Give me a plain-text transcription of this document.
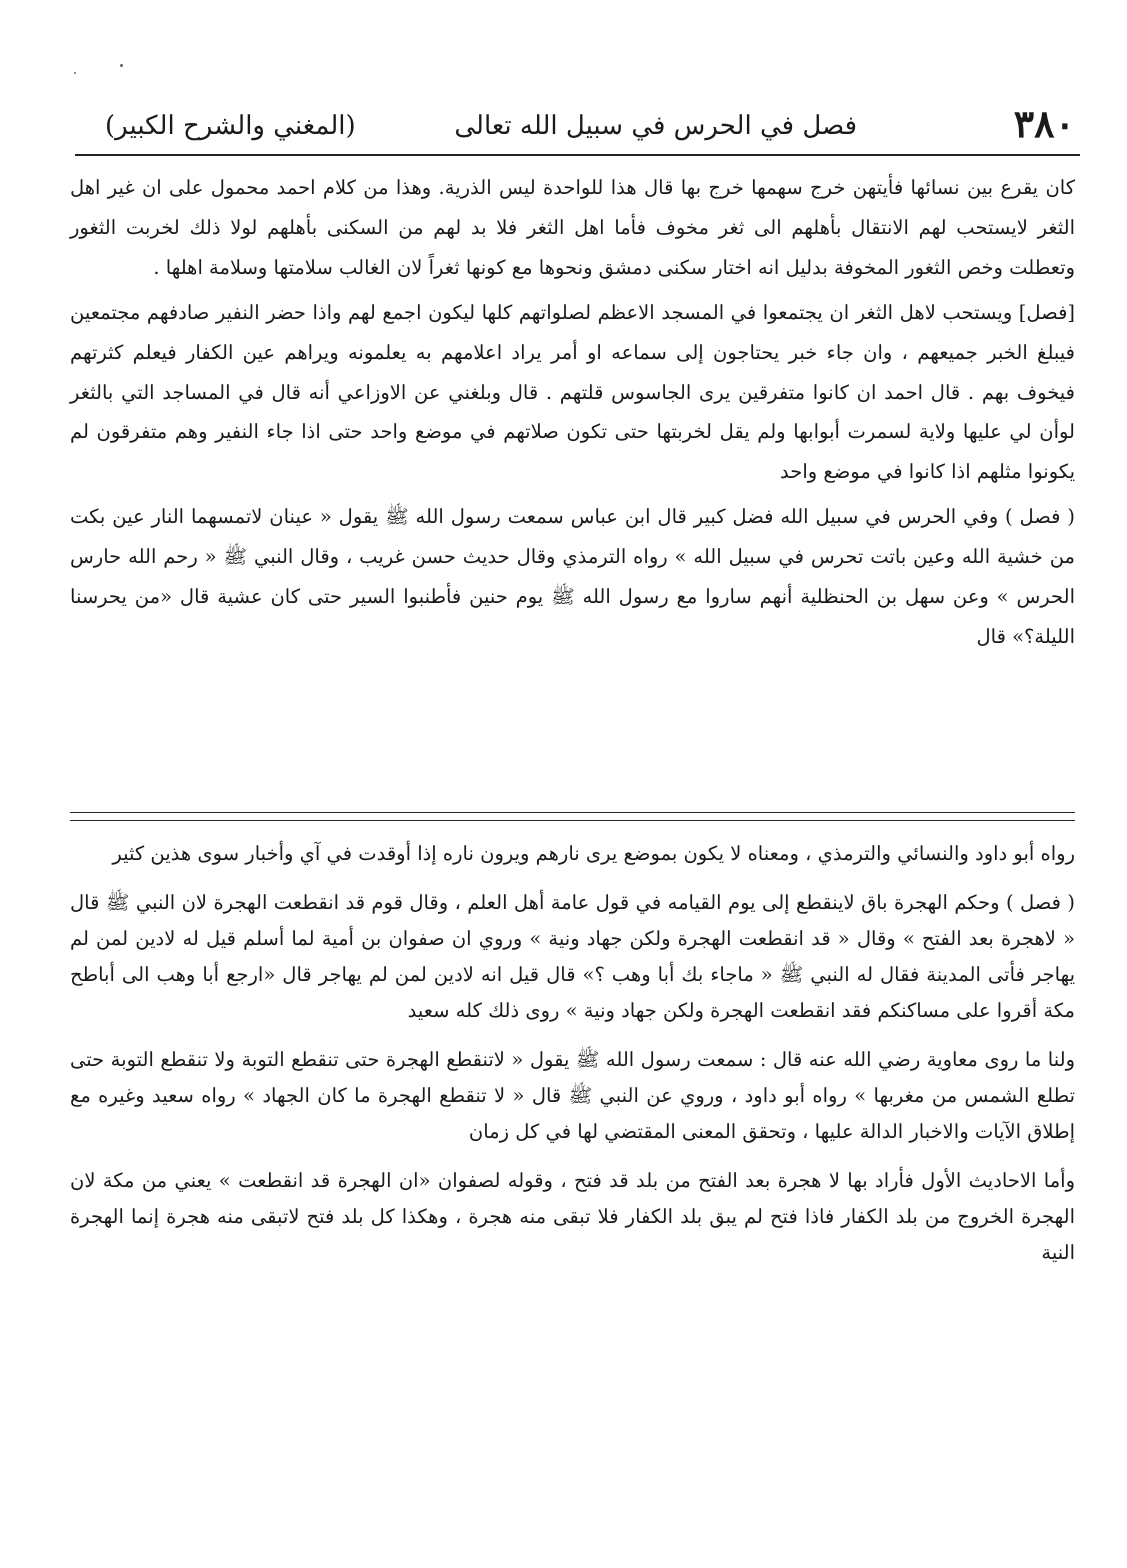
٣٨٠
فصل في الحرس في سبيل الله تعالى
(المغني والشرح الكبير)

كان يقرع بين نسائها فأيتهن خرج سهمها خرج بها قال هذا للواحدة ليس الذرية. وهذا من كلام احمد محمول على ان غير اهل الثغر لايستحب لهم الانتقال بأهلهم الى ثغر مخوف فأما اهل الثغر فلا بد لهم من السكنى بأهلهم لولا ذلك لخربت الثغور وتعطلت وخص الثغور المخوفة بدليل انه اختار سكنى دمشق ونحوها مع كونها ثغراً لان الغالب سلامتها وسلامة اهلها .

[فصل] ويستحب لاهل الثغر ان يجتمعوا في المسجد الاعظم لصلواتهم كلها ليكون اجمع لهم واذا حضر النفير صادفهم مجتمعين فيبلغ الخبر جميعهم ، وان جاء خبر يحتاجون إلى سماعه او أمر يراد اعلامهم به يعلمونه ويراهم عين الكفار فيعلم كثرتهم فيخوف بهم . قال احمد ان كانوا متفرقين يرى الجاسوس قلتهم . قال وبلغني عن الاوزاعي أنه قال في المساجد التي بالثغر لوأن لي عليها ولاية لسمرت أبوابها ولم يقل لخربتها حتى تكون صلاتهم في موضع واحد حتى اذا جاء النفير وهم متفرقون لم يكونوا مثلهم اذا كانوا في موضع واحد

( فصل ) وفي الحرس في سبيل الله فضل كبير قال ابن عباس سمعت رسول الله ﷺ يقول « عينان لاتمسهما النار عين بكت من خشية الله وعين باتت تحرس في سبيل الله » رواه الترمذي وقال حديث حسن غريب ، وقال النبي ﷺ « رحم الله حارس الحرس » وعن سهل بن الحنظلية أنهم ساروا مع رسول الله ﷺ يوم حنين فأطنبوا السير حتى كان عشية قال «من يحرسنا الليلة؟» قال

رواه أبو داود والنسائي والترمذي ، ومعناه لا يكون بموضع يرى نارهم ويرون ناره إذا أوقدت في آي وأخبار سوى هذين كثير

( فصل ) وحكم الهجرة باق لاينقطع إلى يوم القيامه في قول عامة أهل العلم ، وقال قوم قد انقطعت الهجرة لان النبي ﷺ قال « لاهجرة بعد الفتح » وقال « قد انقطعت الهجرة ولكن جهاد ونية » وروي ان صفوان بن أمية لما أسلم قيل له لادين لمن لم يهاجر فأتى المدينة فقال له النبي ﷺ « ماجاء بك أبا وهب ؟» قال قيل انه لادين لمن لم يهاجر قال «ارجع أبا وهب الى أباطح مكة أقروا على مساكنكم فقد انقطعت الهجرة ولكن جهاد ونية » روى ذلك كله سعيد

ولنا ما روى معاوية رضي الله عنه قال : سمعت رسول الله ﷺ يقول « لاتنقطع الهجرة حتى تنقطع التوبة ولا تنقطع التوبة حتى تطلع الشمس من مغربها » رواه أبو داود ، وروي عن النبي ﷺ قال « لا تنقطع الهجرة ما كان الجهاد » رواه سعيد وغيره مع إطلاق الآيات والاخبار الدالة عليها ، وتحقق المعنى المقتضي لها في كل زمان

وأما الاحاديث الأول فأراد بها لا هجرة بعد الفتح من بلد قد فتح ، وقوله لصفوان «ان الهجرة قد انقطعت » يعني من مكة لان الهجرة الخروج من بلد الكفار فاذا فتح لم يبق بلد الكفار فلا تبقى منه هجرة ، وهكذا كل بلد فتح لاتبقى منه هجرة إنما الهجرة النية
